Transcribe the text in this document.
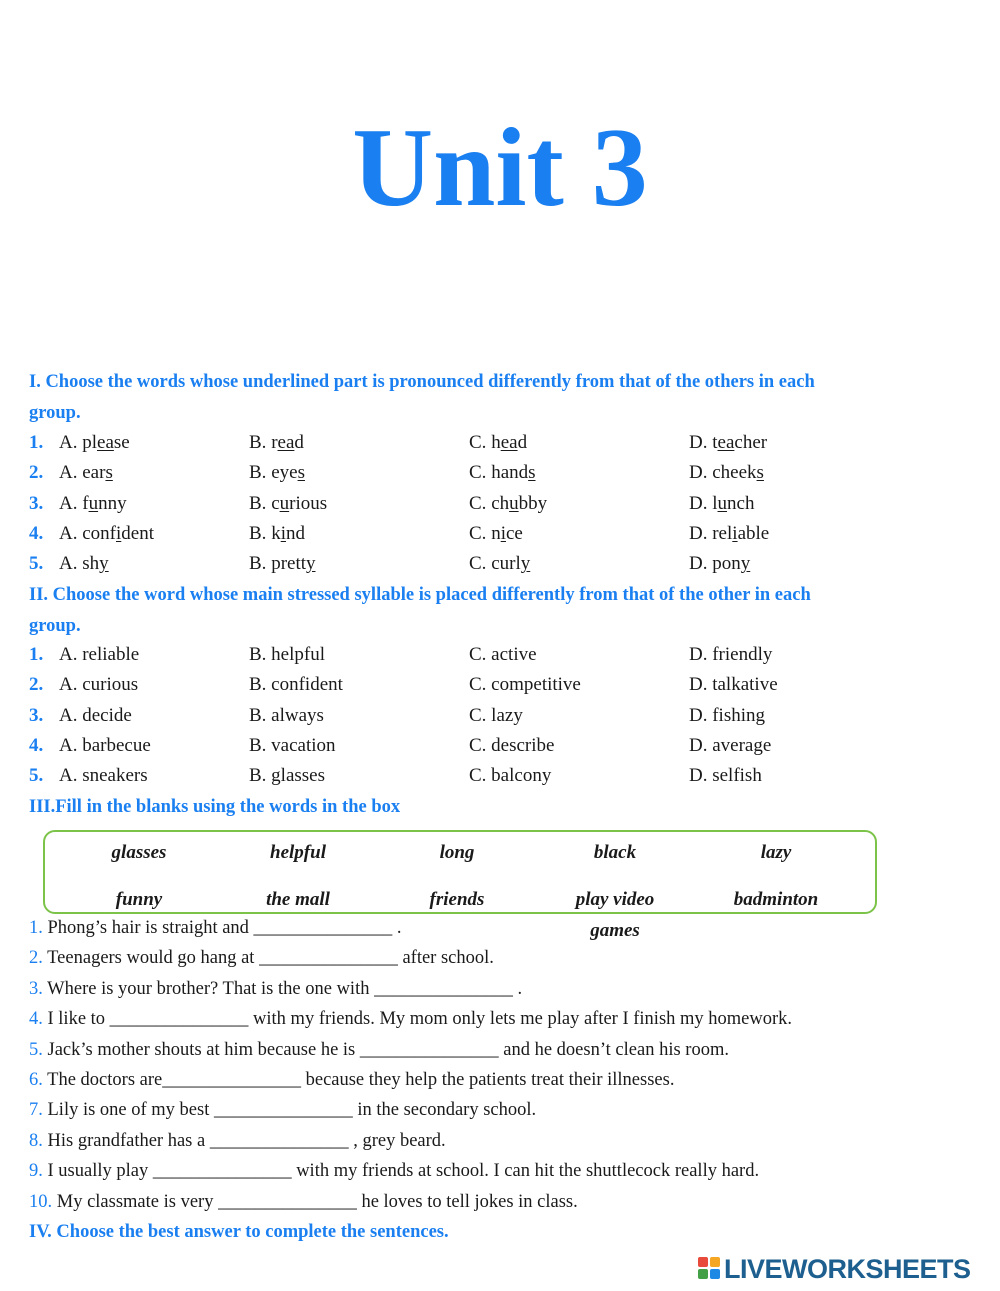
Unit 3
I. Choose the words whose underlined part is pronounced differently from that of the others in each
group.
1. A. please	B. read	C. head	D. teacher
2. A. ears	B. eyes	C. hands	D. cheeks
3. A. funny	B. curious	C. chubby	D. lunch
4. A. confident	B. kind	C. nice	D. reliable
5. A. shy	B. pretty	C. curly	D. pony
II. Choose the word whose main stressed syllable is placed differently from that of the other in each
group.
1. A. reliable	B. helpful	C. active	D. friendly
2. A. curious	B. confident	C. competitive	D. talkative
3. A. decide	B. always	C. lazy	D. fishing
4. A. barbecue	B. vacation	C. describe	D. average
5. A. sneakers	B. glasses	C. balcony	D. selfish
III.Fill in the blanks using the words in the box
glasses	helpful	long	black	lazy
funny	the mall	friends	play video	badminton
games
1. Phong’s hair is straight and _______________ .
2. Teenagers would go hang at _______________ after school.
3. Where is your brother? That is the one with _______________ .
4. I like to _______________ with my friends. My mom only lets me play after I finish my homework.
5. Jack’s mother shouts at him because he is _______________ and he doesn’t clean his room.
6. The doctors are_______________ because they help the patients treat their illnesses.
7. Lily is one of my best _______________ in the secondary school.
8. His grandfather has a _______________ , grey beard.
9. I usually play _______________ with my friends at school. I can hit the shuttlecock really hard.
10. My classmate is very _______________ he loves to tell jokes in class.
IV. Choose the best answer to complete the sentences.
LIVEWORKSHEETS
